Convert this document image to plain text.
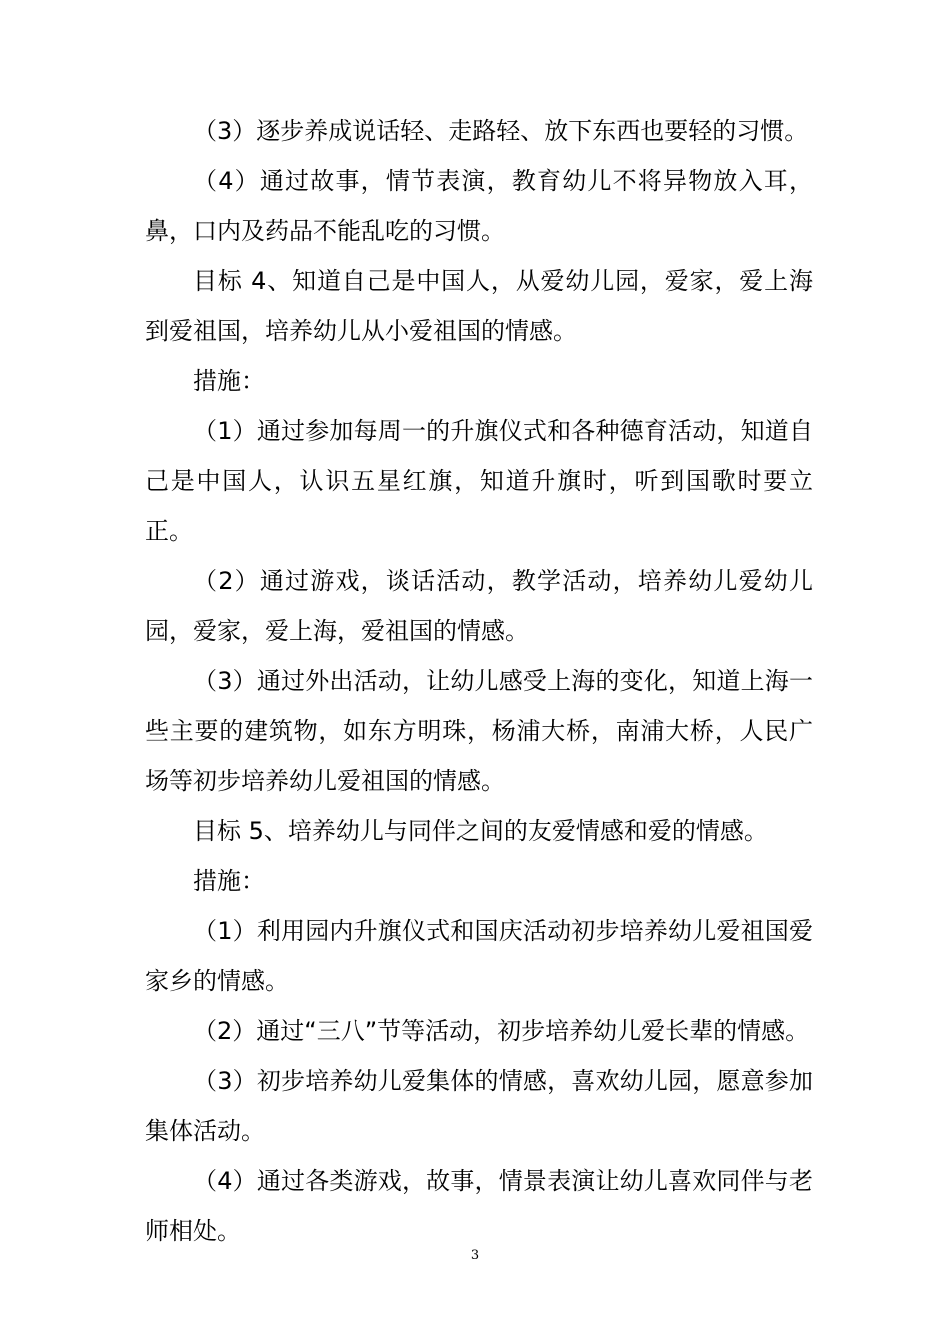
（3）逐步养成说话轻、走路轻、放下东西也要轻的习惯。

（4）通过故事，情节表演，教育幼儿不将异物放入耳，鼻，口内及药品不能乱吃的习惯。

目标 4、知道自己是中国人，从爱幼儿园，爱家，爱上海到爱祖国，培养幼儿从小爱祖国的情感。

措施：

（1）通过参加每周一的升旗仪式和各种德育活动，知道自己是中国人，认识五星红旗，知道升旗时，听到国歌时要立正。

（2）通过游戏，谈话活动，教学活动，培养幼儿爱幼儿园，爱家，爱上海，爱祖国的情感。

（3）通过外出活动，让幼儿感受上海的变化，知道上海一些主要的建筑物，如东方明珠，杨浦大桥，南浦大桥，人民广场等初步培养幼儿爱祖国的情感。

目标 5、培养幼儿与同伴之间的友爱情感和爱的情感。

措施：

（1）利用园内升旗仪式和国庆活动初步培养幼儿爱祖国爱家乡的情感。

（2）通过“三八”节等活动，初步培养幼儿爱长辈的情感。

（3）初步培养幼儿爱集体的情感，喜欢幼儿园，愿意参加集体活动。

（4）通过各类游戏，故事，情景表演让幼儿喜欢同伴与老师相处。

3
